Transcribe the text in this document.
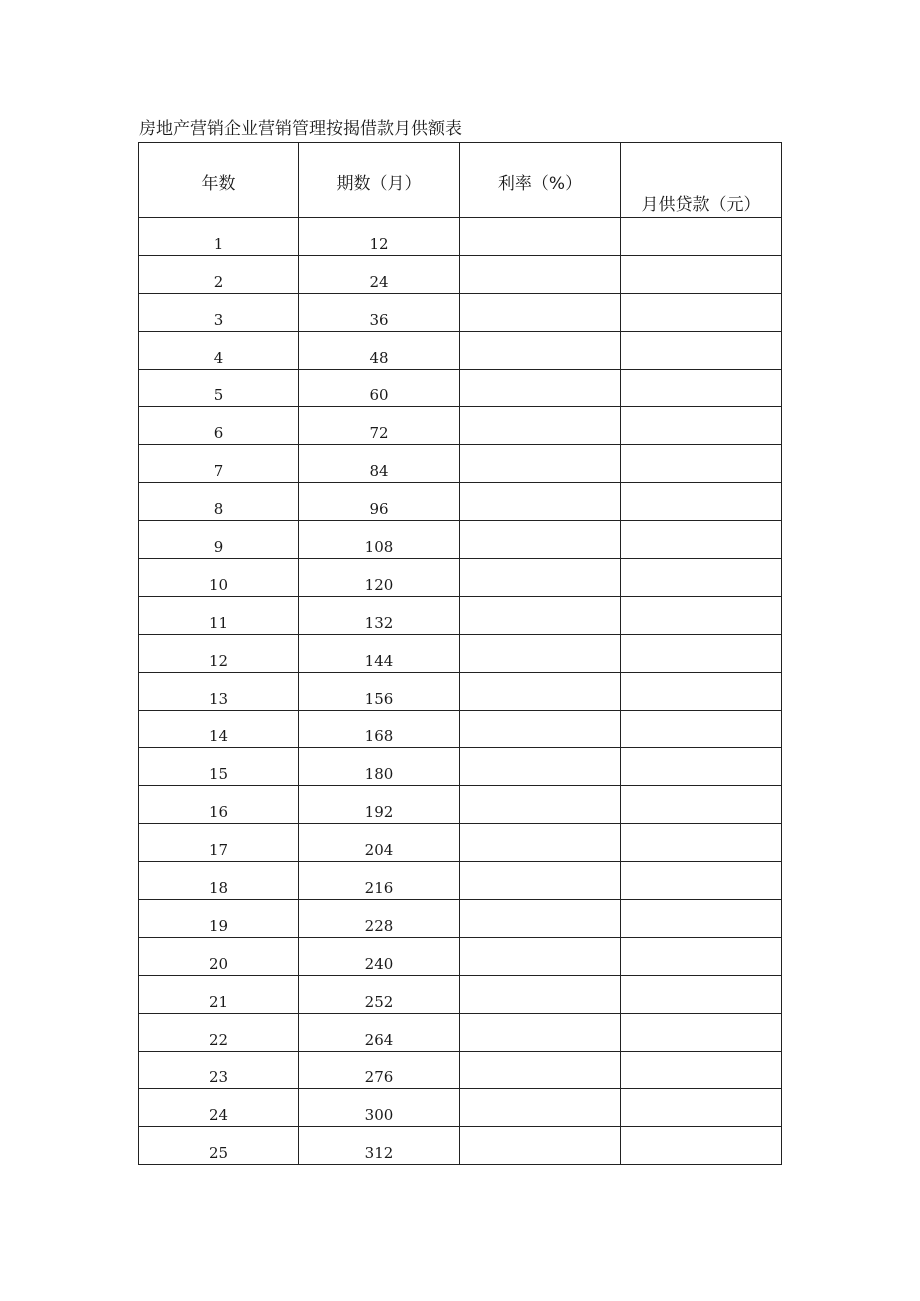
房地产营销企业营销管理按揭借款月供额表
年数	期数（月）	利率（%）	月供贷款（元）

1	12		

2	24		

3	36		

4	48		

5	60		

6	72		

7	84		

8	96		

9	108		

10	120		

11	132		

12	144		

13	156		

14	168		

15	180		

16	192		

17	204		

18	216		

19	228		

20	240		

21	252		

22	264		

23	276		

24	300		

25	312		
